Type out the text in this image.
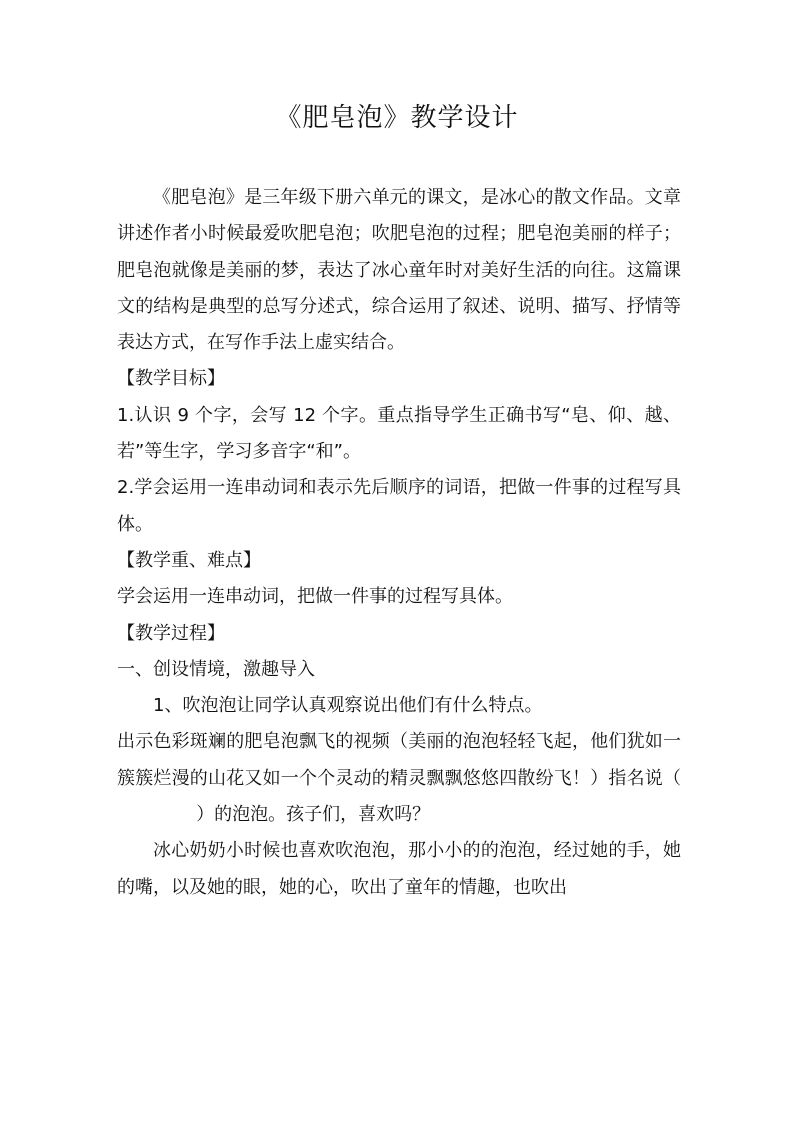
《肥皂泡》教学设计

《肥皂泡》是三年级下册六单元的课文，是冰心的散文作品。文章讲述作者小时候最爱吹肥皂泡；吹肥皂泡的过程；肥皂泡美丽的样子；肥皂泡就像是美丽的梦，表达了冰心童年时对美好生活的向往。这篇课文的结构是典型的总写分述式，综合运用了叙述、说明、描写、抒情等表达方式，在写作手法上虚实结合。

【教学目标】

1.认识 9 个字，会写 12 个字。重点指导学生正确书写“皂、仰、越、若”等生字，学习多音字“和”。

2.学会运用一连串动词和表示先后顺序的词语，把做一件事的过程写具体。

【教学重、难点】

学会运用一连串动词，把做一件事的过程写具体。

【教学过程】

一、创设情境，激趣导入

1、吹泡泡让同学认真观察说出他们有什么特点。

出示色彩斑斓的肥皂泡飘飞的视频（美丽的泡泡轻轻飞起，他们犹如一簇簇烂漫的山花又如一个个灵动的精灵飘飘悠悠四散纷飞！）指名说（）的泡泡。孩子们，喜欢吗？

冰心奶奶小时候也喜欢吹泡泡，那小小的的泡泡，经过她的手，她的嘴，以及她的眼，她的心，吹出了童年的情趣，也吹出
